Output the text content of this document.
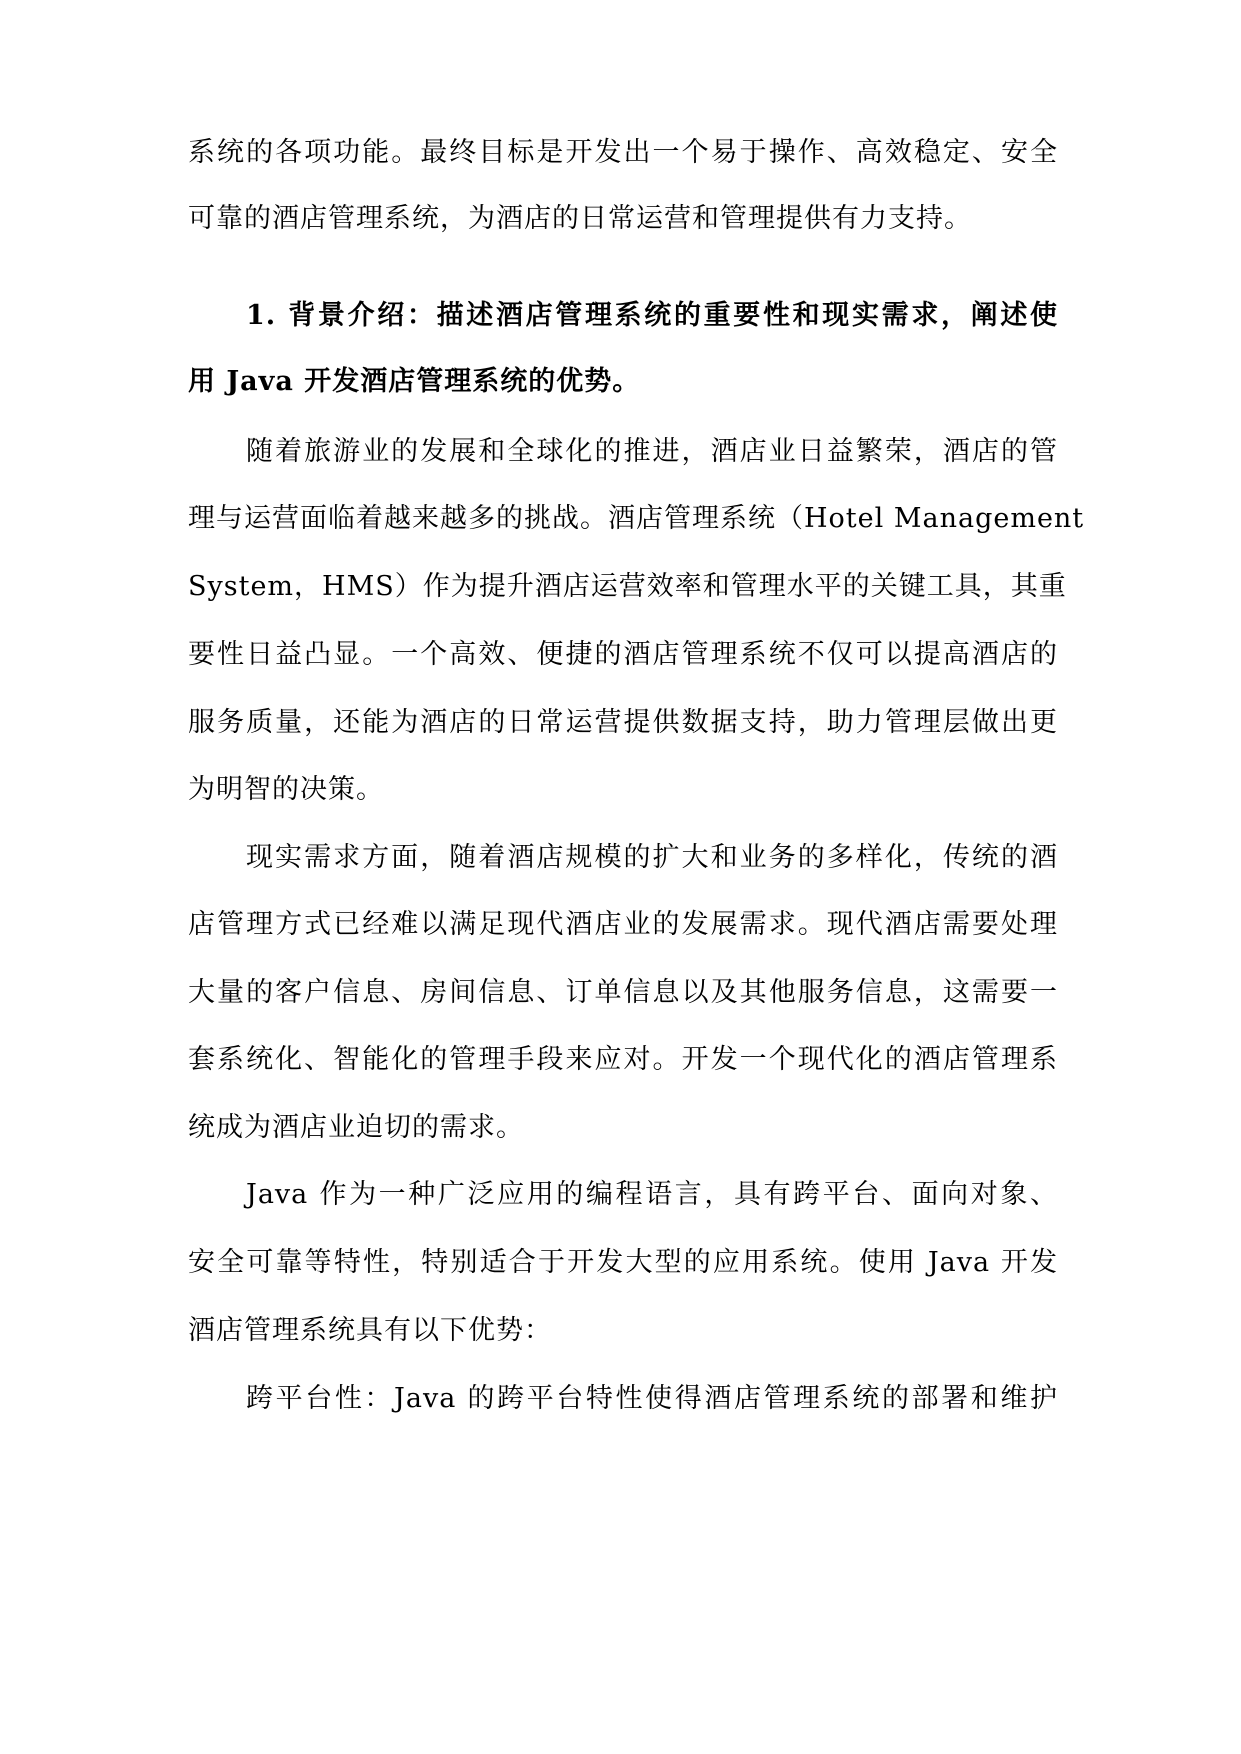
系统的各项功能。最终目标是开发出一个易于操作、高效稳定、安全
可靠的酒店管理系统，为酒店的日常运营和管理提供有力支持。
1. 背景介绍：描述酒店管理系统的重要性和现实需求，阐述使
用 Java 开发酒店管理系统的优势。
随着旅游业的发展和全球化的推进，酒店业日益繁荣，酒店的管
理与运营面临着越来越多的挑战。酒店管理系统（Hotel Management
System，HMS）作为提升酒店运营效率和管理水平的关键工具，其重
要性日益凸显。一个高效、便捷的酒店管理系统不仅可以提高酒店的
服务质量，还能为酒店的日常运营提供数据支持，助力管理层做出更
为明智的决策。
现实需求方面，随着酒店规模的扩大和业务的多样化，传统的酒
店管理方式已经难以满足现代酒店业的发展需求。现代酒店需要处理
大量的客户信息、房间信息、订单信息以及其他服务信息，这需要一
套系统化、智能化的管理手段来应对。开发一个现代化的酒店管理系
统成为酒店业迫切的需求。
Java 作为一种广泛应用的编程语言，具有跨平台、面向对象、
安全可靠等特性，特别适合于开发大型的应用系统。使用 Java 开发
酒店管理系统具有以下优势：
跨平台性：Java 的跨平台特性使得酒店管理系统的部署和维护
